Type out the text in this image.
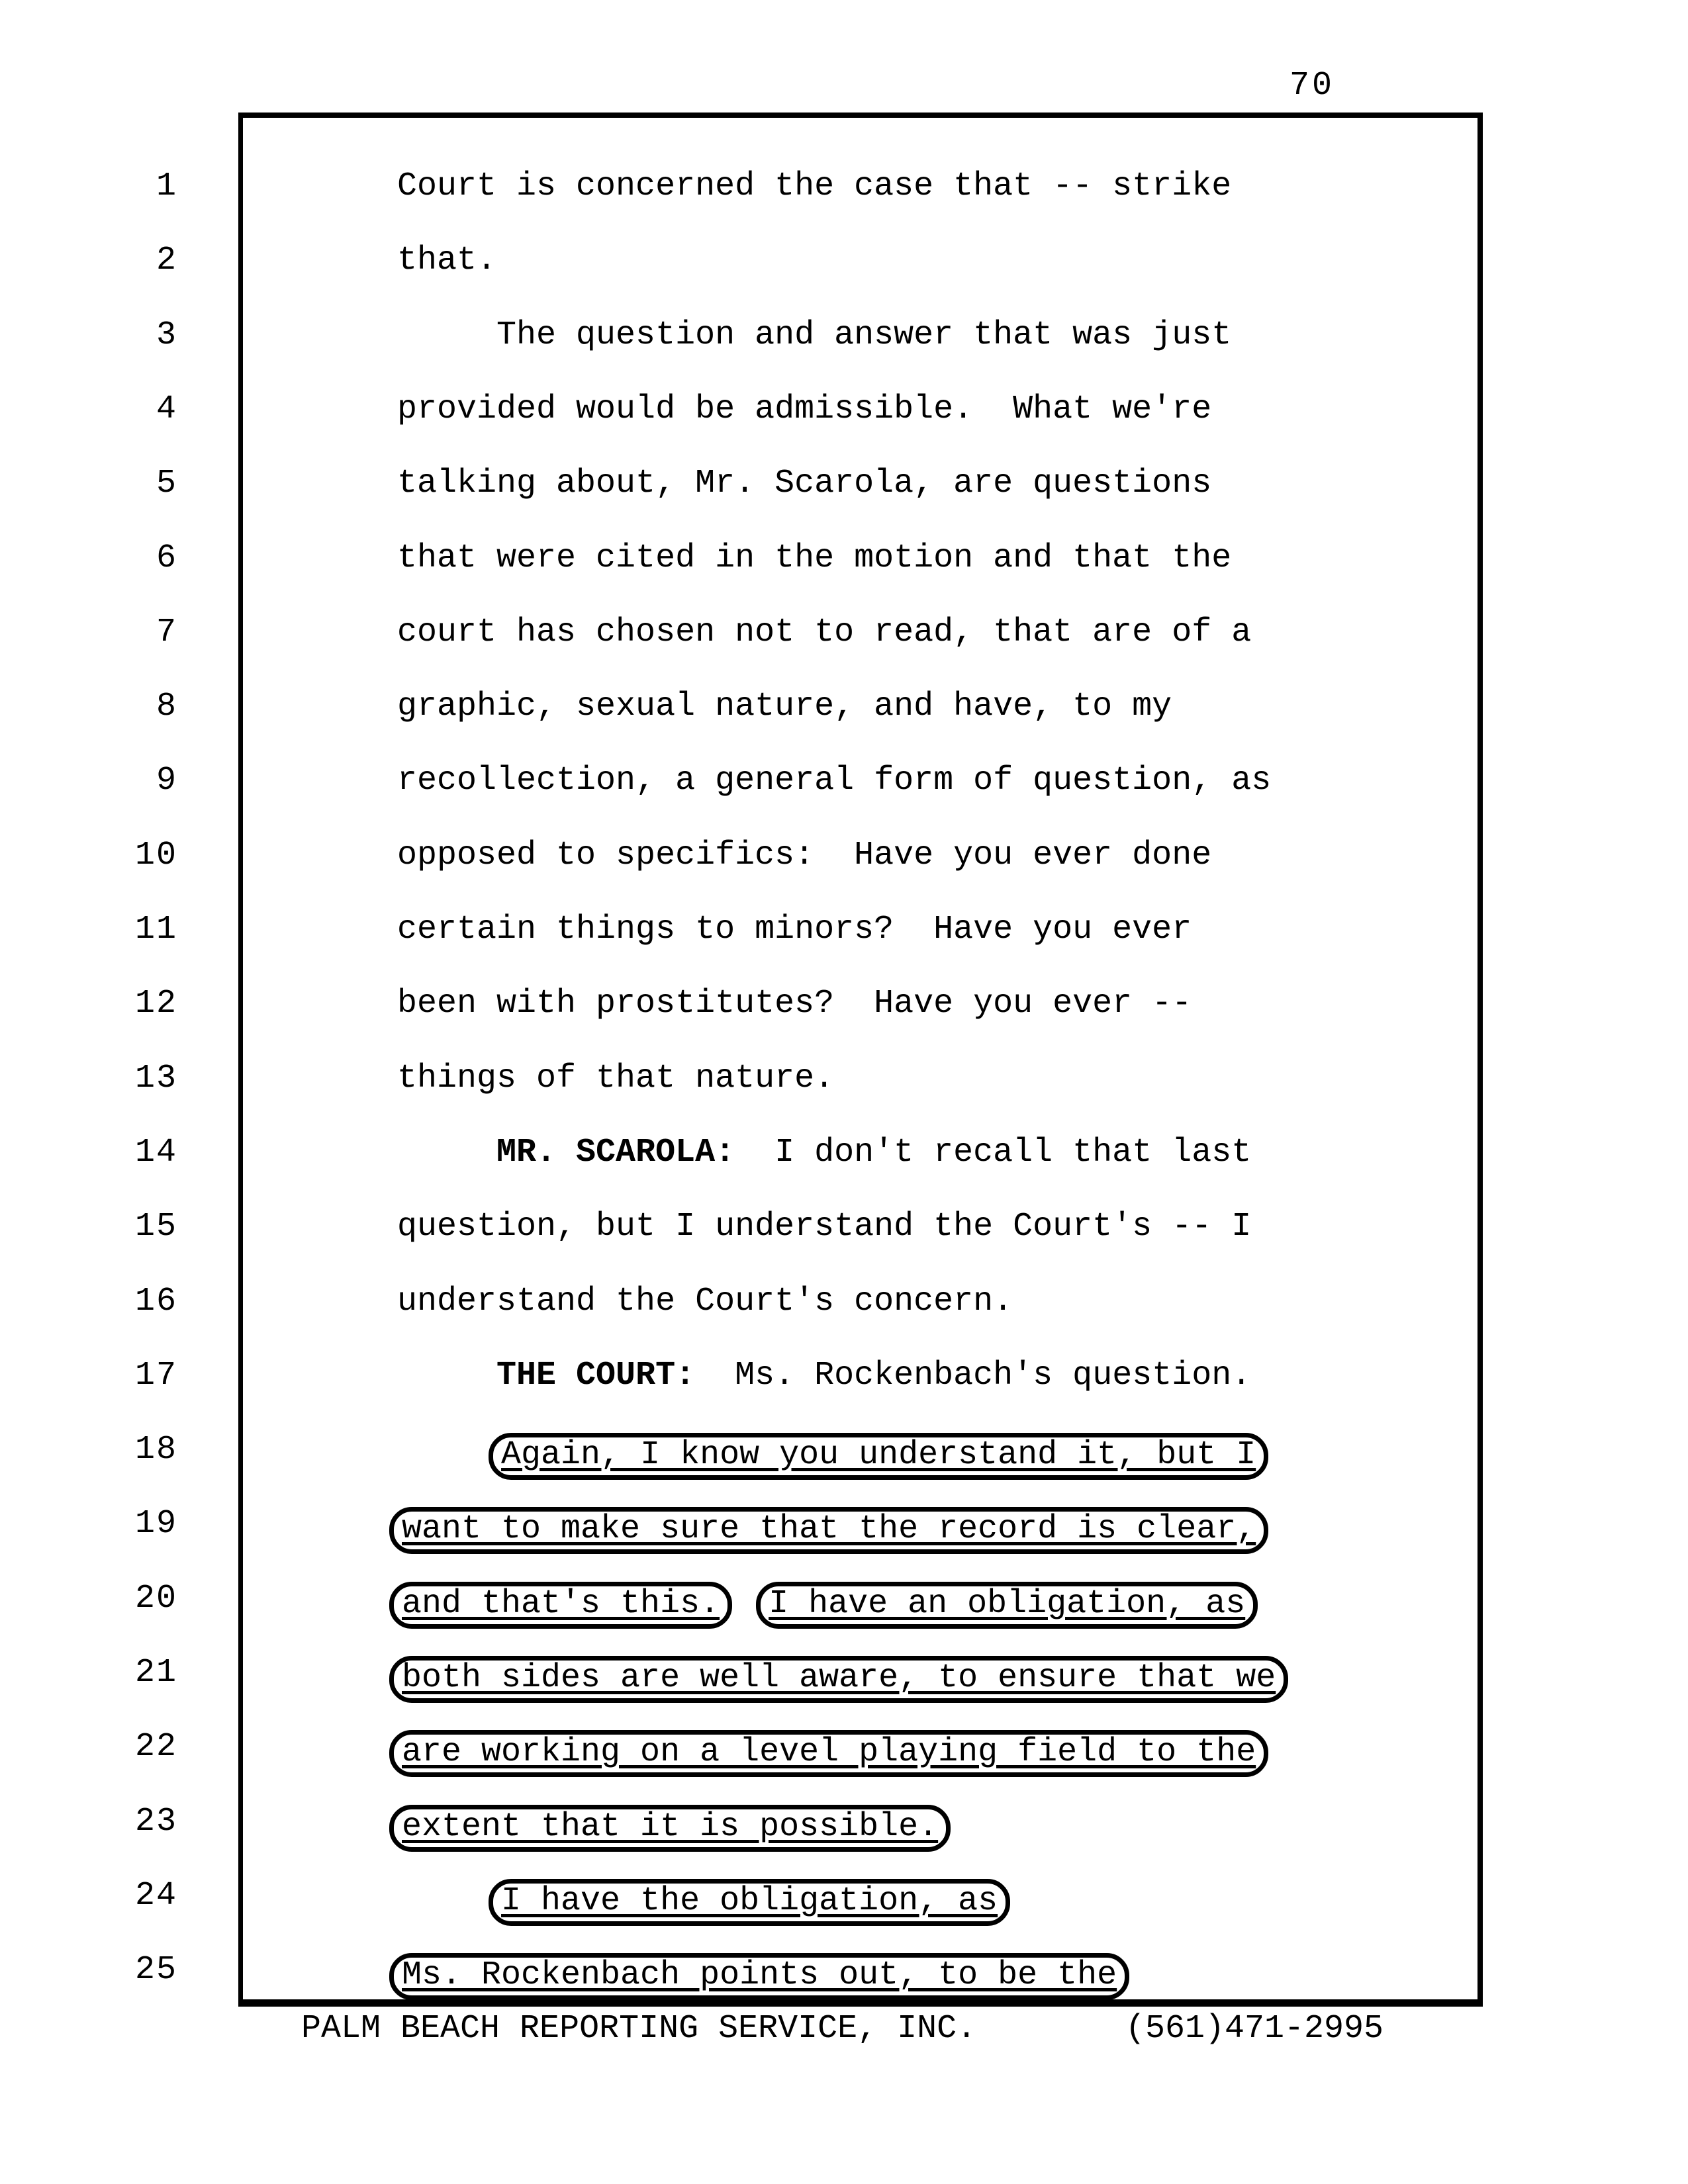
70
1	Court is concerned the case that -- strike
2	that.
3	The question and answer that was just
4	provided would be admissible.  What we're
5	talking about, Mr. Scarola, are questions
6	that were cited in the motion and that the
7	court has chosen not to read, that are of a
8	graphic, sexual nature, and have, to my
9	recollection, a general form of question, as
10	opposed to specifics:  Have you ever done
11	certain things to minors?  Have you ever
12	been with prostitutes?  Have you ever --
13	things of that nature.
14	MR. SCAROLA:  I don't recall that last
15	question, but I understand the Court's -- I
16	understand the Court's concern.
17	THE COURT:  Ms. Rockenbach's question.
18	Again, I know you understand it, but I
19	want to make sure that the record is clear,
20	and that's this. I have an obligation, as
21	both sides are well aware, to ensure that we
22	are working on a level playing field to the
23	extent that it is possible.
24	I have the obligation, as
25	Ms. Rockenbach points out, to be the
PALM BEACH REPORTING SERVICE, INC.	(561)471-2995
